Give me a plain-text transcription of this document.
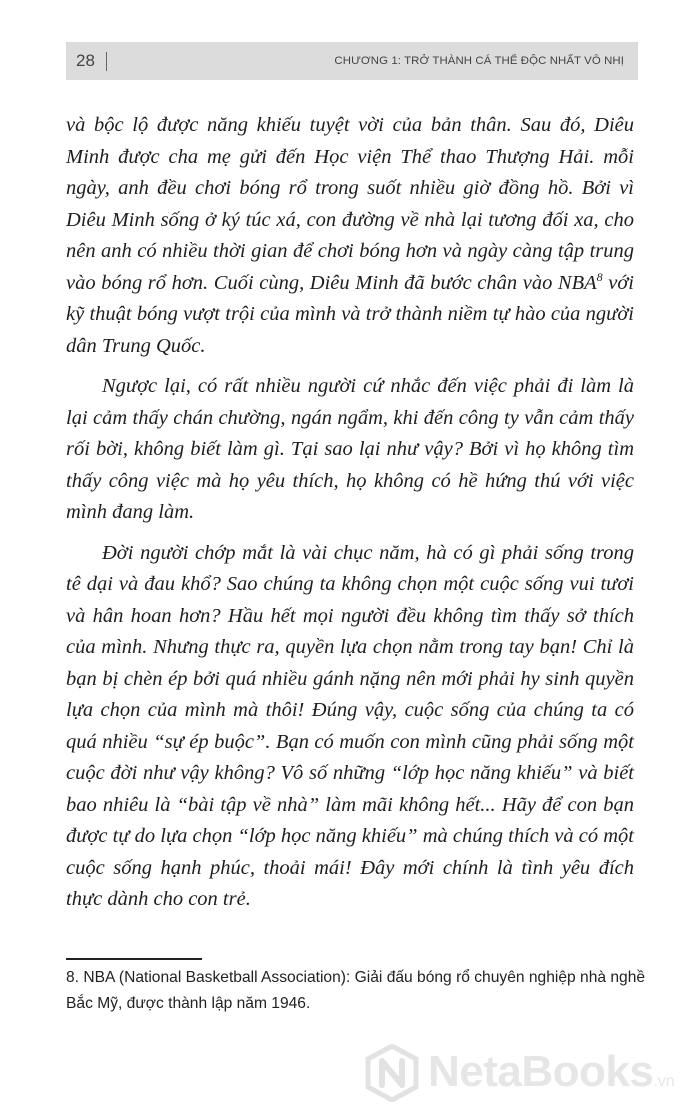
28	CHƯƠNG 1: TRỞ THÀNH CÁ THỂ ĐỘC NHẤT VÔ NHỊ

và bộc lộ được năng khiếu tuyệt vời của bản thân. Sau đó, Diêu Minh được cha mẹ gửi đến Học viện Thể thao Thượng Hải. mỗi ngày, anh đều chơi bóng rổ trong suốt nhiều giờ đồng hồ. Bởi vì Diêu Minh sống ở ký túc xá, con đường về nhà lại tương đối xa, cho nên anh có nhiều thời gian để chơi bóng hơn và ngày càng tập trung vào bóng rổ hơn. Cuối cùng, Diêu Minh đã bước chân vào NBA$^8$ với kỹ thuật bóng vượt trội của mình và trở thành niềm tự hào của người dân Trung Quốc.

Ngược lại, có rất nhiều người cứ nhắc đến việc phải đi làm là lại cảm thấy chán chường, ngán ngẩm, khi đến công ty vẫn cảm thấy rối bời, không biết làm gì. Tại sao lại như vậy? Bởi vì họ không tìm thấy công việc mà họ yêu thích, họ không có hề hứng thú với việc mình đang làm.

Đời người chớp mắt là vài chục năm, hà có gì phải sống trong tê dại và đau khổ? Sao chúng ta không chọn một cuộc sống vui tươi và hân hoan hơn? Hầu hết mọi người đều không tìm thấy sở thích của mình. Nhưng thực ra, quyền lựa chọn nằm trong tay bạn! Chỉ là bạn bị chèn ép bởi quá nhiều gánh nặng nên mới phải hy sinh quyền lựa chọn của mình mà thôi! Đúng vậy, cuộc sống của chúng ta có quá nhiều “sự ép buộc”. Bạn có muốn con mình cũng phải sống một cuộc đời như vậy không? Vô số những “lớp học năng khiếu” và biết bao nhiêu là “bài tập về nhà” làm mãi không hết... Hãy để con bạn được tự do lựa chọn “lớp học năng khiếu” mà chúng thích và có một cuộc sống hạnh phúc, thoải mái! Đây mới chính là tình yêu đích thực dành cho con trẻ.

8. NBA (National Basketball Association): Giải đấu bóng rổ chuyên nghiệp nhà nghề Bắc Mỹ, được thành lập năm 1946.

NetaBooks.vn
